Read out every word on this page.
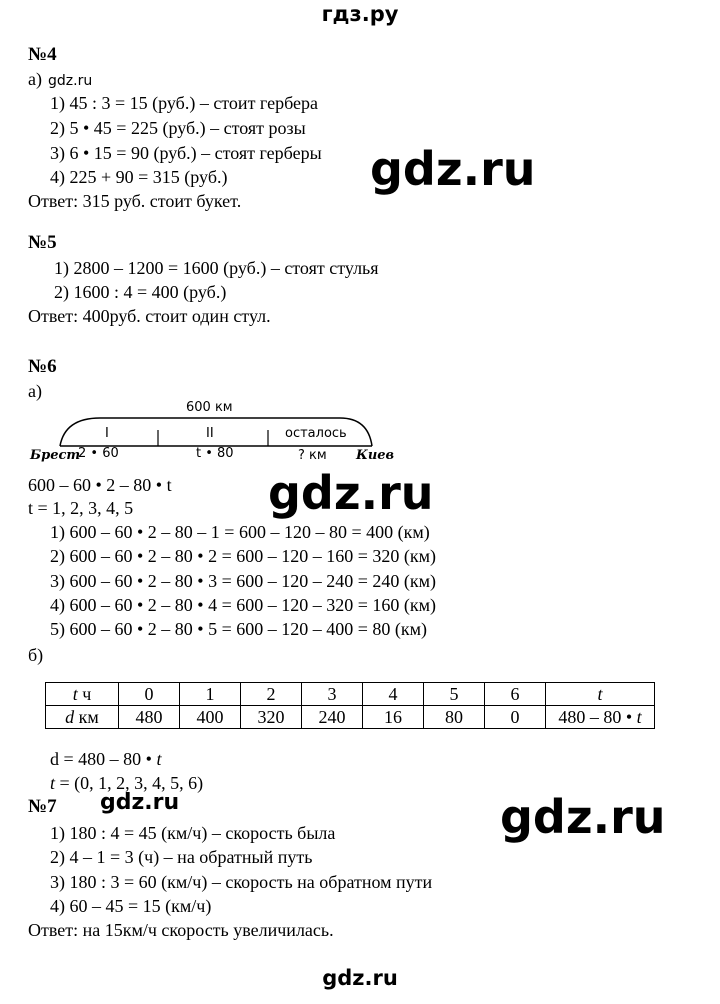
гдз.ру
№4
а) gdz.ru
1) 45 : 3 = 15 (руб.) – стоит гербера
2) 5 • 45 = 225 (руб.) – стоят розы
3) 6 • 15 = 90 (руб.) – стоят герберы
4) 225 + 90 = 315 (руб.)
Ответ: 315 руб. стоит букет.
gdz.ru
№5
1) 2800 – 1200 = 1600 (руб.) – стоят стулья
2) 1600 : 4 = 400 (руб.)
Ответ: 400руб. стоит один стул.
№6
а)
600 км
I	II	осталось
Брест
2 • 60	t • 80	? км Киев
600 – 60 • 2 – 80 • t
t = 1, 2, 3, 4, 5	gdz.ru
1) 600 – 60 • 2 – 80 – 1 = 600 – 120 – 80 = 400 (км)
2) 600 – 60 • 2 – 80 • 2 = 600 – 120 – 160 = 320 (км)
3) 600 – 60 • 2 – 80 • 3 = 600 – 120 – 240 = 240 (км)
4) 600 – 60 • 2 – 80 • 4 = 600 – 120 – 320 = 160 (км)
5) 600 – 60 • 2 – 80 • 5 = 600 – 120 – 400 = 80 (км)
б)
t ч	0	1	2	3	4	5	6	t
d км	480	400	320	240	16	80	0	480 – 80 • t
d = 480 – 80 • t
t = (0, 1, 2, 3, 4, 5, 6)
№7 gdz.ru	gdz.ru
1) 180 : 4 = 45 (км/ч) – скорость была
2) 4 – 1 = 3 (ч) – на обратный путь
3) 180 : 3 = 60 (км/ч) – скорость на обратном пути
4) 60 – 45 = 15 (км/ч)
Ответ: на 15км/ч скорость увеличилась.
gdz.ru
